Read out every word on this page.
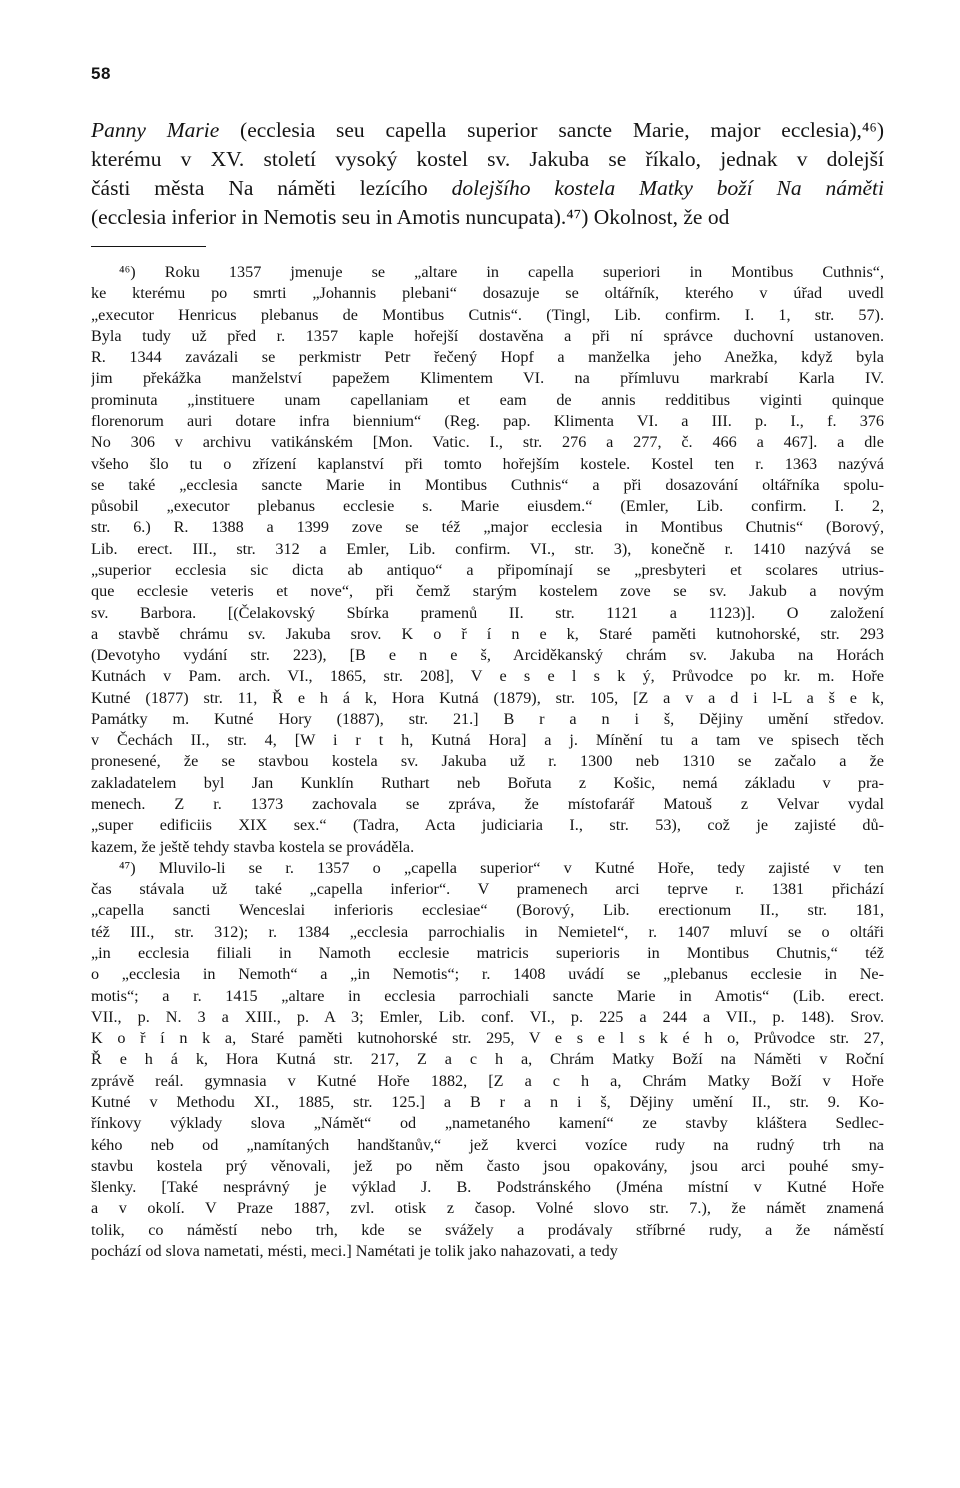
58
Panny Marie (ecclesia seu capella superior sancte Marie, major ecclesia),⁴⁶)
kterému v XV. století vysoký kostel sv. Jakuba se říkalo, jednak v dolejší
části města Na náměti lezícího dolejšího kostela Matky boží Na náměti
(ecclesia inferior in Nemotis seu in Amotis nuncupata).⁴⁷) Okolnost, že od
⁴⁶) Roku 1357 jmenuje se „altare in capella superiori in Montibus Cuthnis“,
ke kterému po smrti „Johannis plebani“ dosazuje se oltářník, kterého v úřad uvedl
„executor Henricus plebanus de Montibus Cutnis“. (Tingl, Lib. confirm. I. 1, str. 57).
Byla tudy už před r. 1357 kaple hořejší dostavěna a při ní správce duchovní ustanoven.
R. 1344 zavázali se perkmistr Petr řečený Hopf a manželka jeho Anežka, když byla
jim překážka manželství papežem Klimentem VI. na přímluvu markrabí Karla IV.
prominuta „instituere unam capellaniam et eam de annis redditibus viginti quinque
florenorum auri dotare infra biennium“ (Reg. pap. Klimenta VI. a III. p. I., f. 376
No 306 v archivu vatikánském [Mon. Vatic. I., str. 276 a 277, č. 466 a 467]. a dle
všeho šlo tu o zřízení kaplanství při tomto hořejším kostele. Kostel ten r. 1363 nazývá
se také „ecclesia sancte Marie in Montibus Cuthnis“ a při dosazování oltářníka spolu-
působil „executor plebanus ecclesie s. Marie eiusdem.“ (Emler, Lib. confirm. I. 2,
str. 6.) R. 1388 a 1399 zove se též „major ecclesia in Montibus Chutnis“ (Borový,
Lib. erect. III., str. 312 a Emler, Lib. confirm. VI., str. 3), konečně r. 1410 nazývá se
„superior ecclesia sic dicta ab antiquo“ a připomínají se „presbyteri et scolares utrius-
que ecclesie veteris et nove“, při čemž starým kostelem zove se sv. Jakub a novým
sv. Barbora. [(Čelakovský Sbírka pramenů II. str. 1121 a 1123)]. O založení
a stavbě chrámu sv. Jakuba srov. K o ř í n e k, Staré paměti kutnohorské, str. 293
(Devotyho vydání str. 223), [B e n e š, Arciděkanský chrám sv. Jakuba na Horách
Kutnách v Pam. arch. VI., 1865, str. 208], V e s e l s k ý, Průvodce po kr. m. Hoře
Kutné (1877) str. 11, Ř e h á k, Hora Kutná (1879), str. 105, [Z a v a d i l-L a š e k,
Památky m. Kutné Hory (1887), str. 21.] B r a n i š, Dějiny umění středov.
v Čechách II., str. 4, [W i r t h, Kutná Hora] a j. Mínění tu a tam ve spisech těch
pronesené, že se stavbou kostela sv. Jakuba už r. 1300 neb 1310 se začalo a že
zakladatelem byl Jan Kunklín Ruthart neb Bořuta z Košic, nemá základu v pra-
menech. Z r. 1373 zachovala se zpráva, že místofarář Matouš z Velvar vydal
„super edificiis XIX sex.“ (Tadra, Acta judiciaria I., str. 53), což je zajisté dů-
kazem, že ještě tehdy stavba kostela se prováděla.
⁴⁷) Mluvilo-li se r. 1357 o „capella superior“ v Kutné Hoře, tedy zajisté v ten
čas stávala už také „capella inferior“. V pramenech arci teprve r. 1381 přichází
„capella sancti Wenceslai inferioris ecclesiae“ (Borový, Lib. erectionum II., str. 181,
též III., str. 312); r. 1384 „ecclesia parrochialis in Nemietel“, r. 1407 mluví se o oltáři
„in ecclesia filiali in Namoth ecclesie matricis superioris in Montibus Chutnis,“ též
o „ecclesia in Nemoth“ a „in Nemotis“; r. 1408 uvádí se „plebanus ecclesie in Ne-
motis“; a r. 1415 „altare in ecclesia parrochiali sancte Marie in Amotis“ (Lib. erect.
VII., p. N. 3 a XIII., p. A 3; Emler, Lib. conf. VI., p. 225 a 244 a VII., p. 148). Srov.
K o ř í n k a, Staré paměti kutnohorské str. 295, V e s e l s k é h o, Průvodce str. 27,
Ř e h á k, Hora Kutná str. 217, Z a c h a, Chrám Matky Boží na Náměti v Roční
zprávě reál. gymnasia v Kutné Hoře 1882, [Z a c h a, Chrám Matky Boží v Hoře
Kutné v Methodu XI., 1885, str. 125.] a B r a n i š, Dějiny umění II., str. 9. Ko-
řínkovy výklady slova „Námět“ od „nametaného kamení“ ze stavby kláštera Sedlec-
kého neb od „namítaných handštanův,“ jež kverci vozíce rudy na rudný trh na
stavbu kostela prý věnovali, jež po něm často jsou opakovány, jsou arci pouhé smy-
šlenky. [Také nesprávný je výklad J. B. Podstránského (Jména místní v Kutné Hoře
a v okolí. V Praze 1887, zvl. otisk z časop. Volné slovo str. 7.), že námět znamená
tolik, co náměstí nebo trh, kde se svážely a prodávaly stříbrné rudy, a že náměstí
pochází od slova nametati, mésti, meci.] Namétati je tolik jako nahazovati, a tedy
